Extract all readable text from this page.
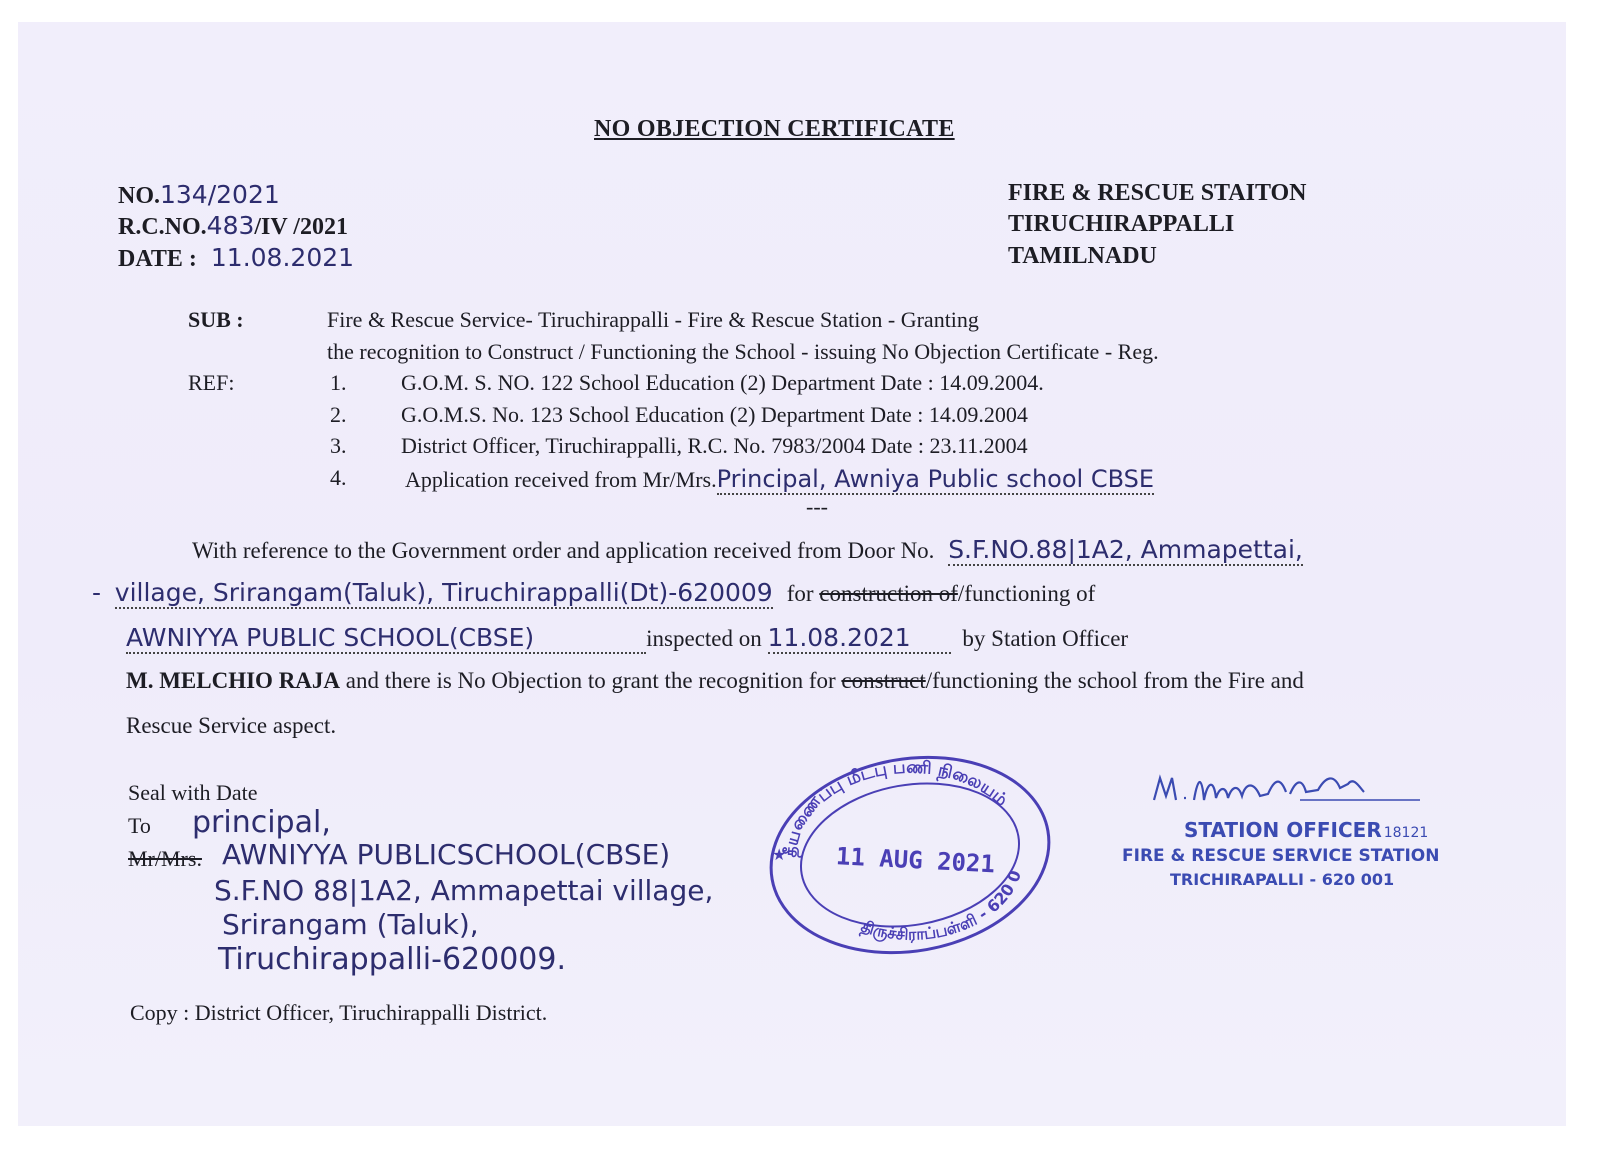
NO OBJECTION CERTIFICATE
NO.134/2021
R.C.NO.483/IV /2021
DATE : 11.08.2021
FIRE & RESCUE STAITON
TIRUCHIRAPPALLI
TAMILNADU
SUB :	Fire & Rescue Service- Tiruchirappalli - Fire & Rescue Station - Granting
the recognition to Construct / Functioning the School - issuing No Objection Certificate - Reg.
REF:	1. G.O.M. S. NO. 122 School Education (2) Department Date : 14.09.2004.
2. G.O.M.S. No. 123 School Education (2) Department Date : 14.09.2004
3. District Officer, Tiruchirappalli, R.C. No. 7983/2004 Date : 23.11.2004
4.	Application received from Mr/Mrs.Principal, Awniya Public school CBSE
---
With reference to the Government order and application received from Door No. S.F.NO.88|1A2, Ammapettai,
- village, Srirangam(Taluk), Tiruchirappalli(Dt)-620009 for construction of/functioning of
AWNIYYA PUBLIC SCHOOL(CBSE)	inspected on 11.08.2021 by Station Officer
M. MELCHIO RAJA and there is No Objection to grant the recognition for construct/functioning the school from the Fire and
Rescue Service aspect.
Seal with Date
To principal,
Mr/Mrs. AWNIYYA PUBLICSCHOOL(CBSE)
S.F.NO 88|1A2, Ammapettai village,
Srirangam (Taluk),
Tiruchirappalli-620009.
Copy : District Officer, Tiruchirappalli District.
தீயணைப்பு மீட்பு பணி நிலையம்
திருச்சிராப்பள்ளி - 620 0
★ 11 AUG 2021
STATION OFFICER 18121
FIRE & RESCUE SERVICE STATION
TRICHIRAPALLI - 620 001
